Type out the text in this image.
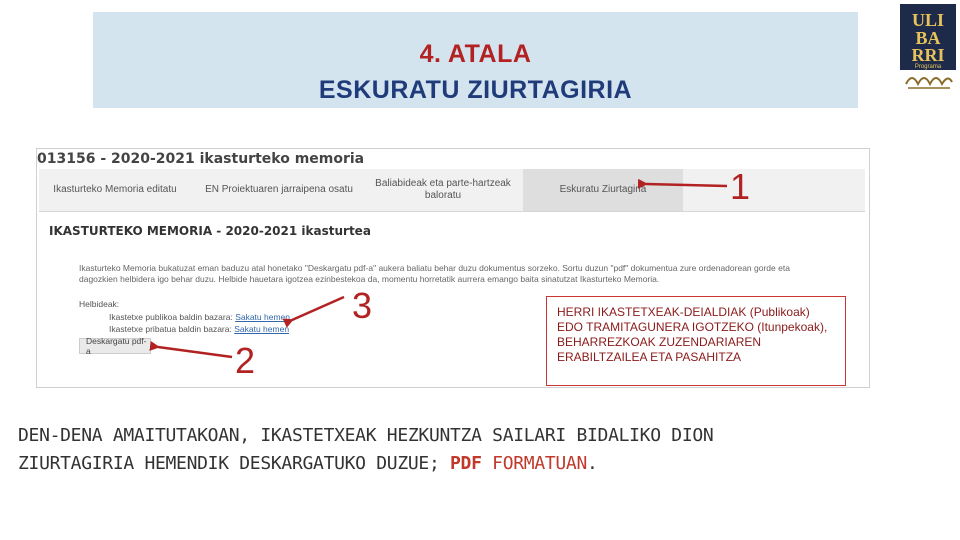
4. ATALA
ESKURATU ZIURTAGIRIA
ULI
BA
RRI
Programa
013156 - 2020-2021 ikasturteko memoria
Ikasturteko Memoria editatu	EN Proiektuaren jarraipena osatu
Baliabideak eta parte-hartzeak baloratu
Eskuratu Ziurtagiria
IKASTURTEKO MEMORIA - 2020-2021 ikasturtea
Ikasturteko Memoria bukatuzat eman baduzu atal honetako "Deskargatu pdf-a" aukera baliatu behar duzu dokumentus sorzeko. Sortu duzun "pdf" dokumentua zure ordenadorean gorde eta dagozkien helbidera igo behar duzu. Helbide hauetara igotzea ezinbestekoa da, momentu horretatik aurrera emango baita sinatutzat Ikasturteko Memoria.
Helbideak:
Ikastetxe publikoa baldin bazara: Sakatu hemen
Ikastetxe pribatua baldin bazara: Sakatu hemen
Deskargatu pdf-a
1
2
3	HERRI IKASTETXEAK-DEIALDIAK (Publikoak) EDO TRAMITAGUNERA IGOTZEKO (Itunpekoak), BEHARREZKOAK ZUZENDARIAREN ERABILTZAILEA ETA PASAHITZA
DEN-DENA AMAITUTAKOAN, IKASTETXEAK HEZKUNTZA SAILARI BIDALIKO DION
ZIURTAGIRIA HEMENDIK DESKARGATUKO DUZUE; PDF FORMATUAN.
